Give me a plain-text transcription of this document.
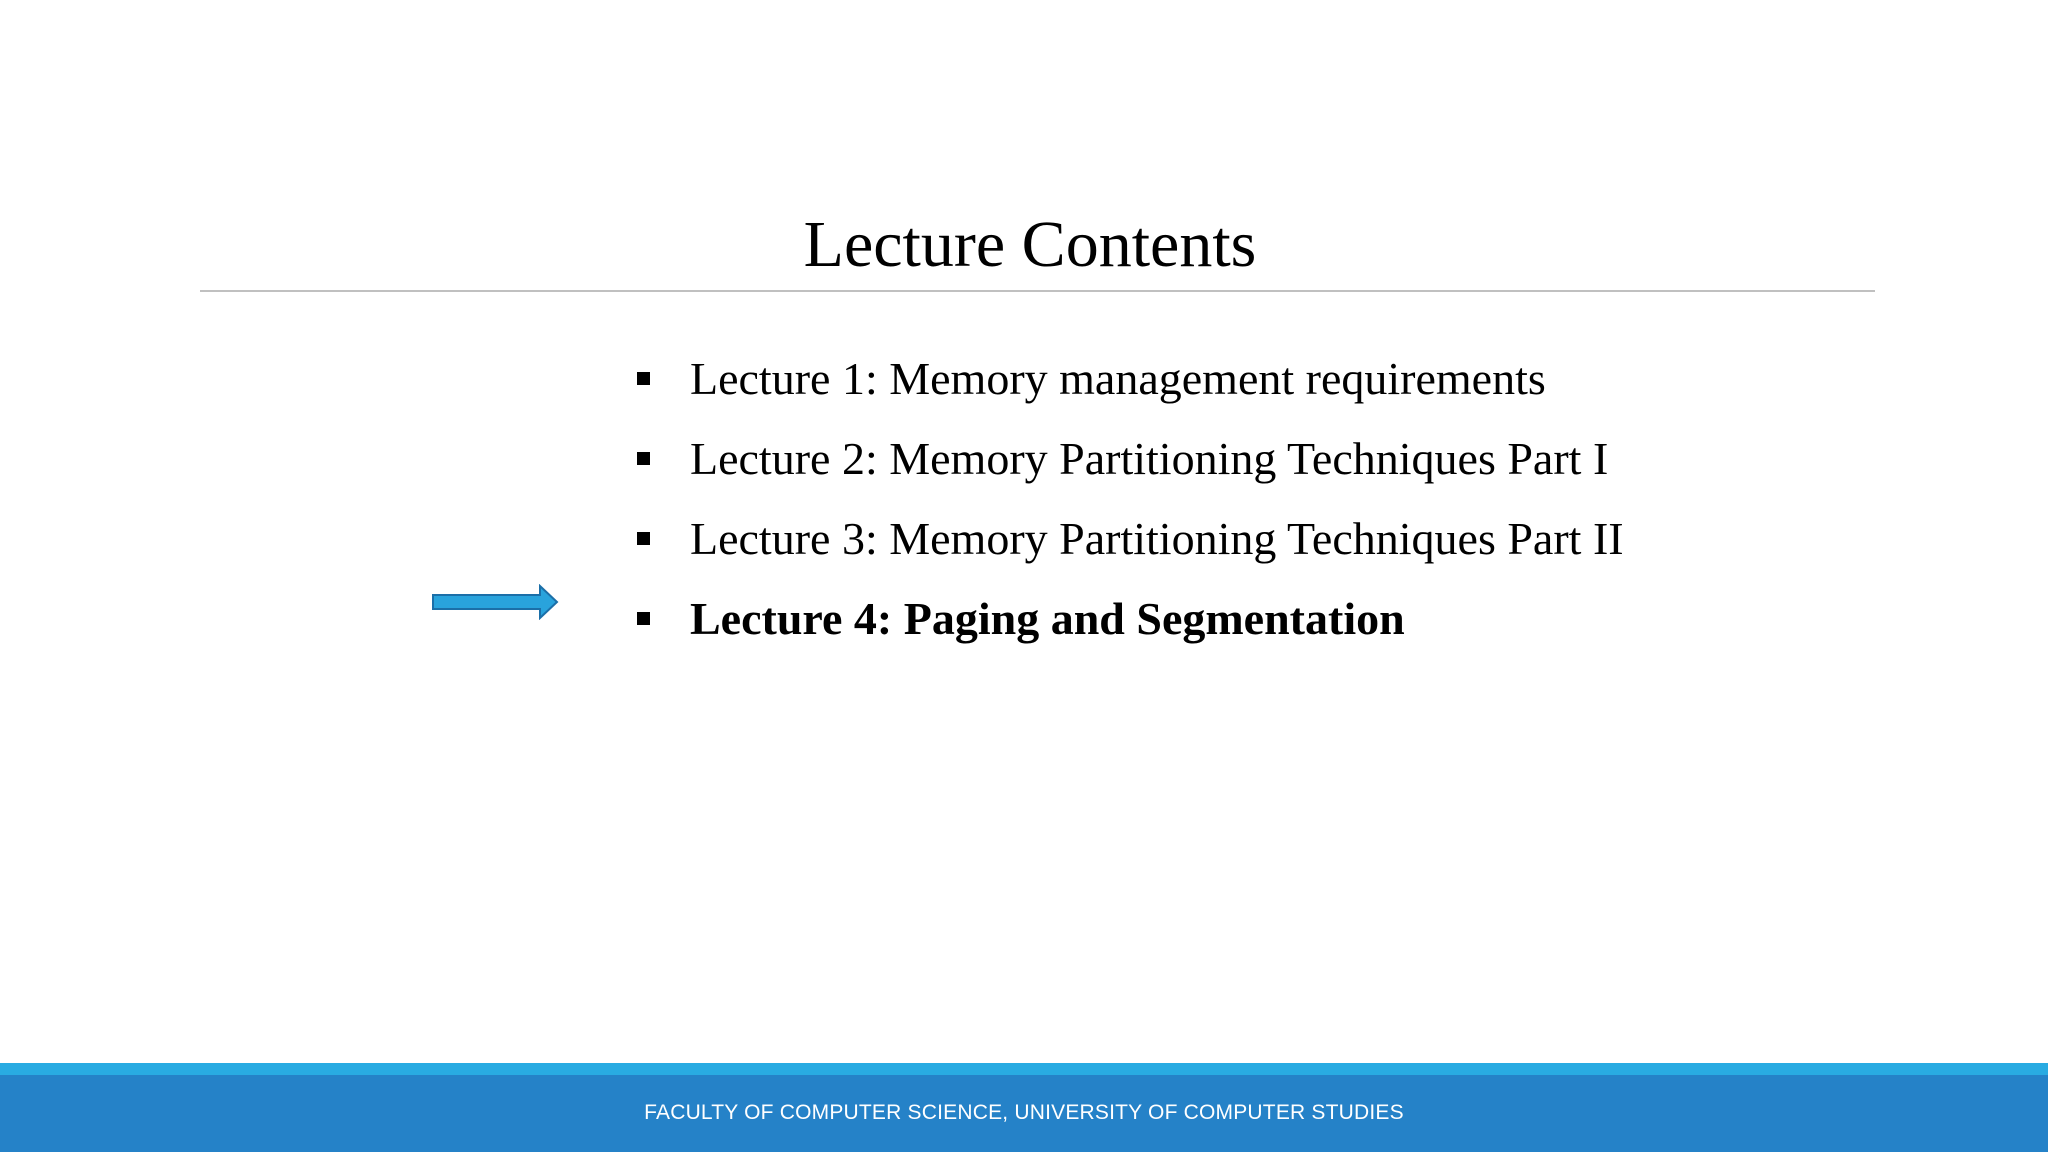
Lecture Contents
Lecture 1: Memory management requirements
Lecture 2: Memory Partitioning Techniques Part I
Lecture 3: Memory Partitioning Techniques Part II
Lecture 4: Paging and Segmentation
FACULTY OF COMPUTER SCIENCE, UNIVERSITY OF COMPUTER STUDIES
